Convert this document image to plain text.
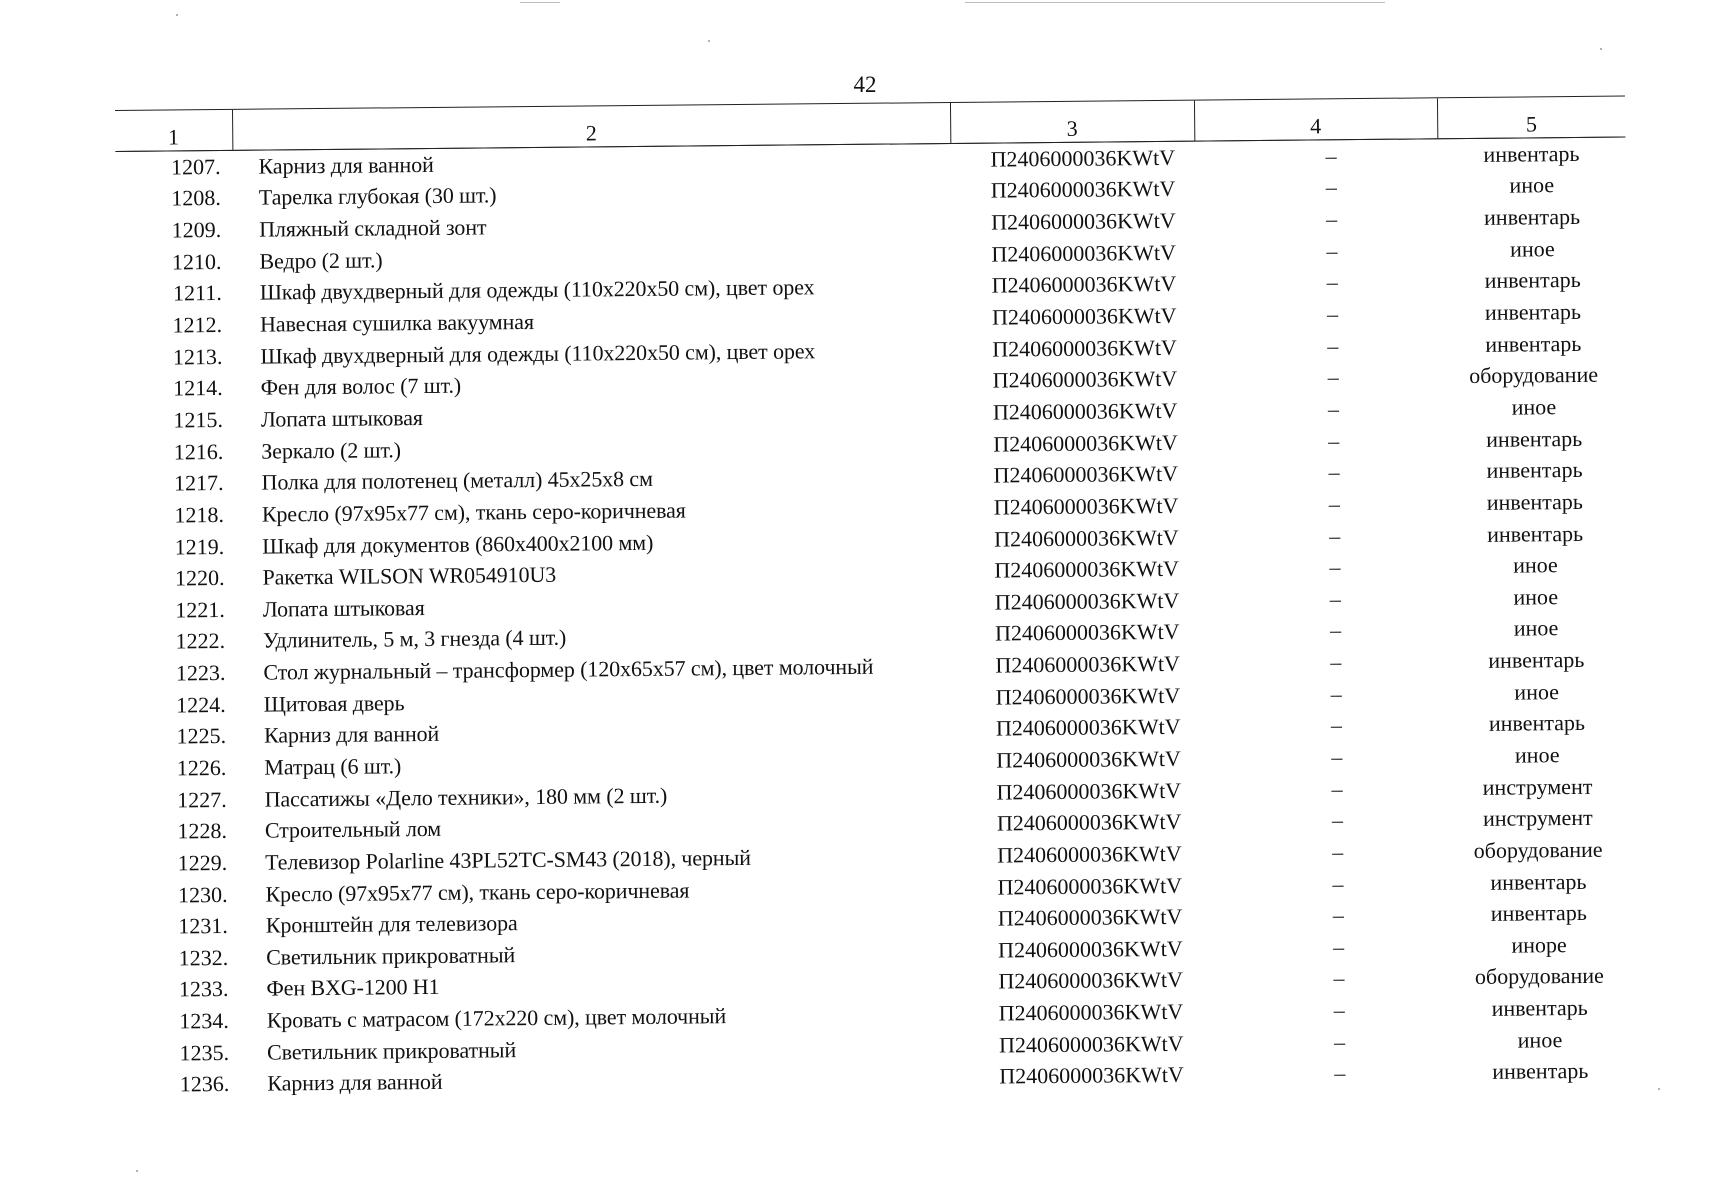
42
1	2	3	4	5
1207.	Карниз для ванной	П2406000036KWtV	–	инвентарь
1208.	Тарелка глубокая (30 шт.)	П2406000036KWtV	–	иное
1209.	Пляжный складной зонт	П2406000036KWtV	–	инвентарь
1210.	Ведро (2 шт.)	П2406000036KWtV	–	иное
1211.	Шкаф двухдверный для одежды (110x220x50 см), цвет орех	П2406000036KWtV	–	инвентарь
1212.	Навесная сушилка вакуумная	П2406000036KWtV	–	инвентарь
1213.	Шкаф двухдверный для одежды (110x220x50 см), цвет орех	П2406000036KWtV	–	инвентарь
1214.	Фен для волос (7 шт.)	П2406000036KWtV	–	оборудование
1215.	Лопата штыковая	П2406000036KWtV	–	иное
1216.	Зеркало (2 шт.)	П2406000036KWtV	–	инвентарь
1217.	Полка для полотенец (металл) 45x25x8 см	П2406000036KWtV	–	инвентарь
1218.	Кресло (97x95x77 см), ткань серо-коричневая	П2406000036KWtV	–	инвентарь
1219.	Шкаф для документов (860x400x2100 мм)	П2406000036KWtV	–	инвентарь
1220.	Ракетка WILSON WR054910U3	П2406000036KWtV	–	иное
1221.	Лопата штыковая	П2406000036KWtV	–	иное
1222.	Удлинитель, 5 м, 3 гнезда (4 шт.)	П2406000036KWtV	–	иное
1223.	Стол журнальный – трансформер (120x65x57 см), цвет молочный	П2406000036KWtV	–	инвентарь
1224.	Щитовая дверь	П2406000036KWtV	–	иное
1225.	Карниз для ванной	П2406000036KWtV	–	инвентарь
1226.	Матрац (6 шт.)	П2406000036KWtV	–	иное
1227.	Пассатижы «Дело техники», 180 мм (2 шт.)	П2406000036KWtV	–	инструмент
1228.	Строительный лом	П2406000036KWtV	–	инструмент
1229.	Телевизор Polarline 43PL52TC-SM43 (2018), черный	П2406000036KWtV	–	оборудование
1230.	Кресло (97x95x77 см), ткань серо-коричневая	П2406000036KWtV	–	инвентарь
1231.	Кронштейн для телевизора	П2406000036KWtV	–	инвентарь
1232.	Светильник прикроватный	П2406000036KWtV	–	иноре
1233.	Фен BXG-1200 H1	П2406000036KWtV	–	оборудование
1234.	Кровать с матрасом (172x220 см), цвет молочный	П2406000036KWtV	–	инвентарь
1235.	Светильник прикроватный	П2406000036KWtV	–	иное
1236.	Карниз для ванной	П2406000036KWtV	–	инвентарь
